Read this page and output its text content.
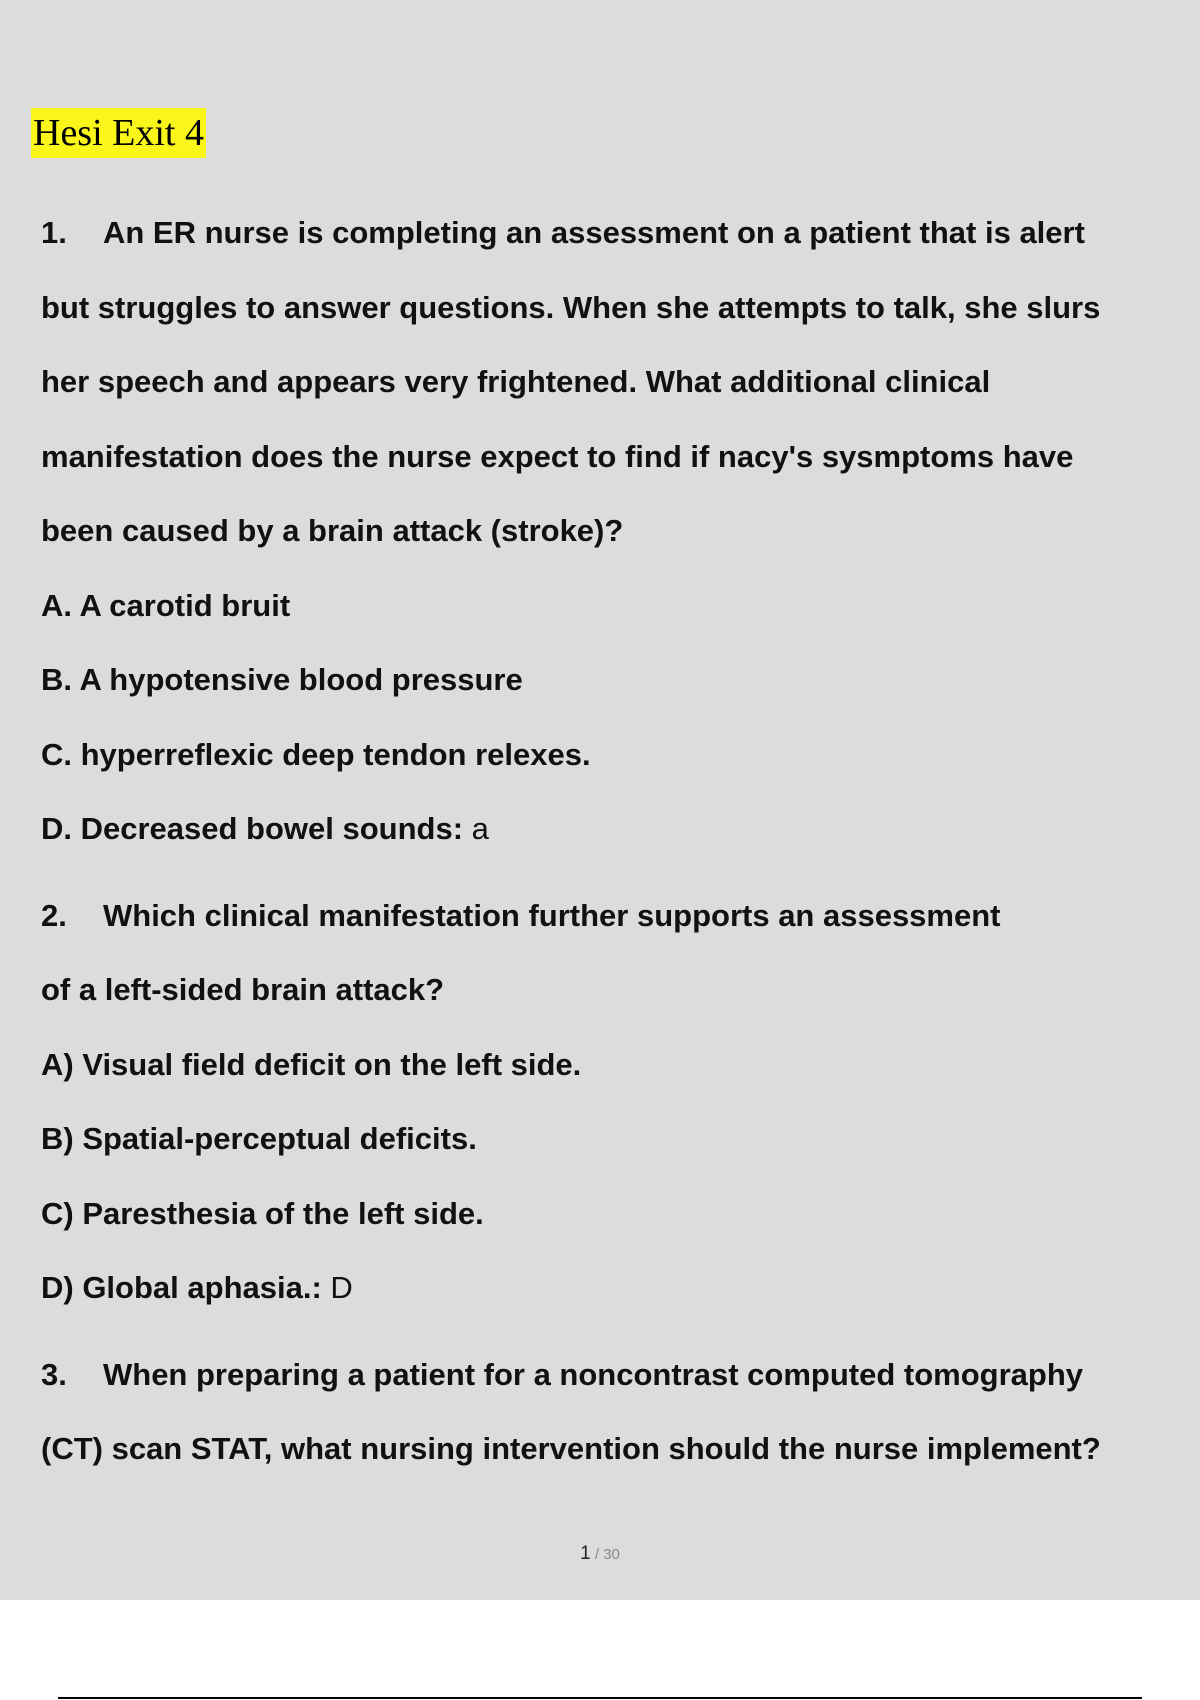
Hesi Exit 4
1. An ER nurse is completing an assessment on a patient that is alert
but struggles to answer questions. When she attempts to talk, she slurs
her speech and appears very frightened. What additional clinical
manifestation does the nurse expect to find if nacy's sysmptoms have
been caused by a brain attack (stroke)?
A. A carotid bruit
B. A hypotensive blood pressure
C. hyperreflexic deep tendon relexes.
D. Decreased bowel sounds: a
2. Which clinical manifestation further supports an assessment
of a left-sided brain attack?
A) Visual field deficit on the left side.
B) Spatial-perceptual deficits.
C) Paresthesia of the left side.
D) Global aphasia.: D
3. When preparing a patient for a noncontrast computed tomography
(CT) scan STAT, what nursing intervention should the nurse implement?
1 / 30
